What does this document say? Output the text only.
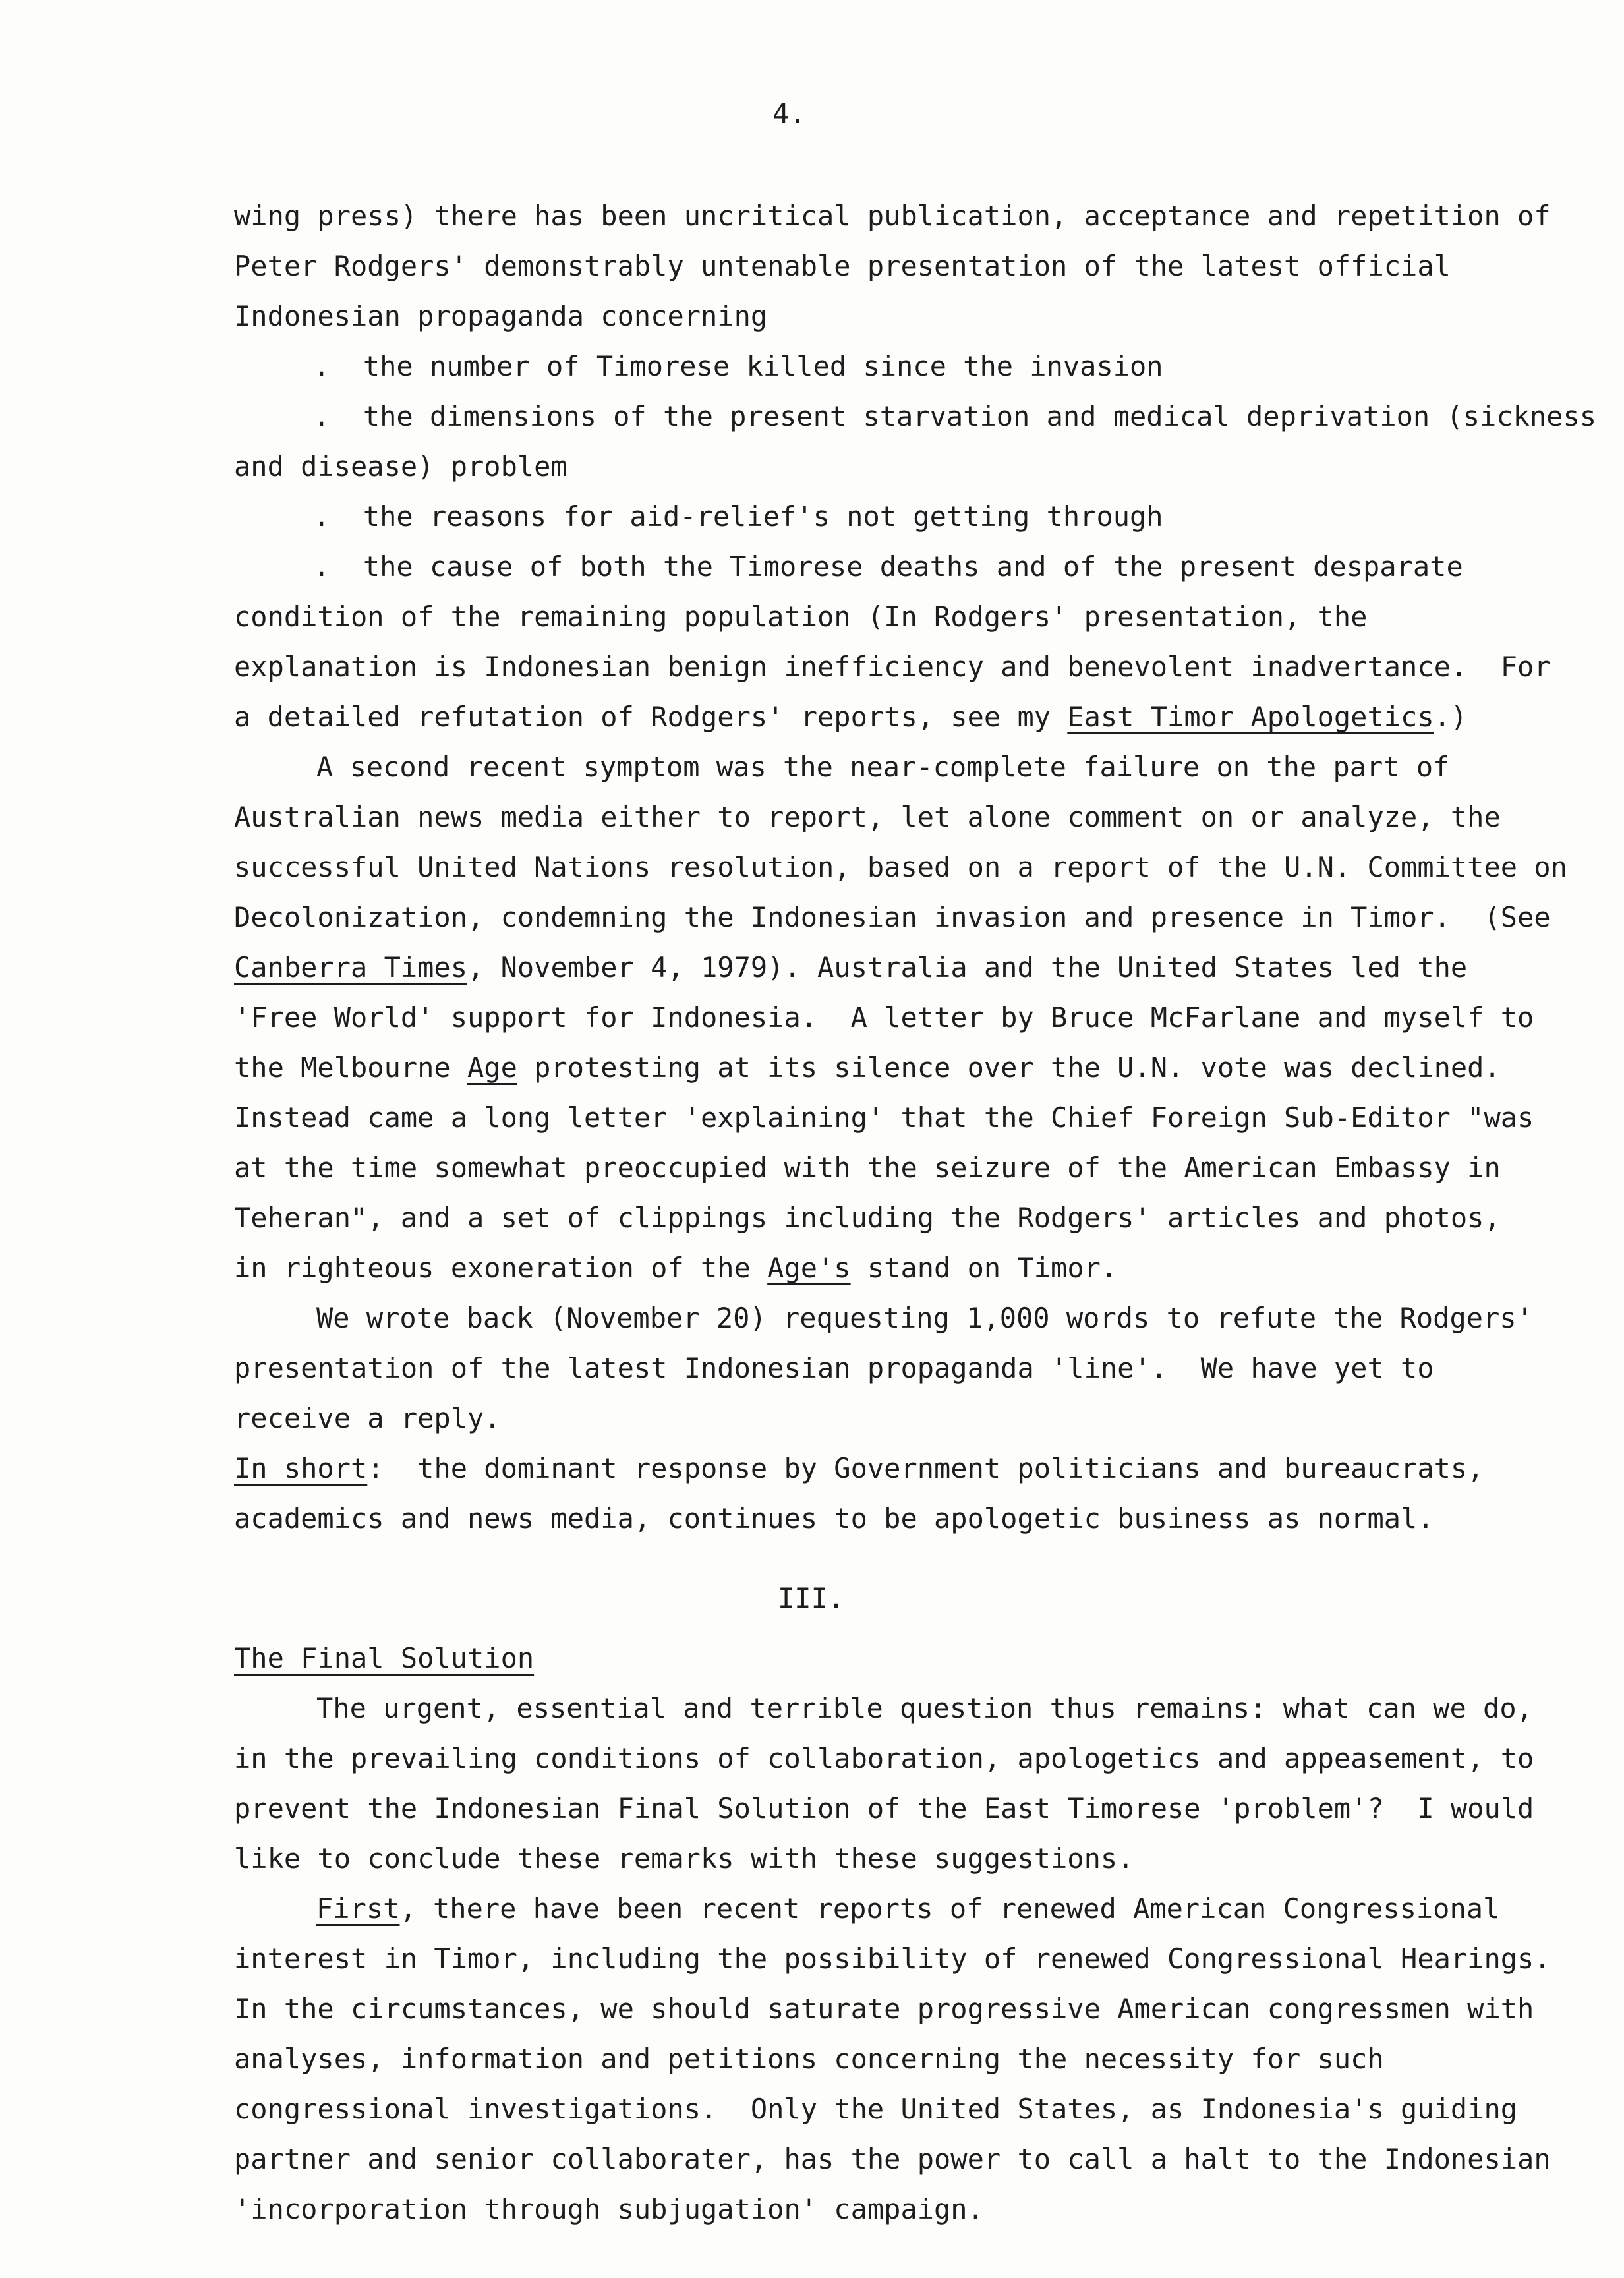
4.
wing press) there has been uncritical publication, acceptance and repetition of
Peter Rodgers' demonstrably untenable presentation of the latest official
Indonesian propaganda concerning
.  the number of Timorese killed since the invasion
.  the dimensions of the present starvation and medical deprivation (sickness
and disease) problem
.  the reasons for aid-relief's not getting through
.  the cause of both the Timorese deaths and of the present desparate
condition of the remaining population (In Rodgers' presentation, the
explanation is Indonesian benign inefficiency and benevolent inadvertance.  For
a detailed refutation of Rodgers' reports, see my East Timor Apologetics.)
A second recent symptom was the near-complete failure on the part of
Australian news media either to report, let alone comment on or analyze, the
successful United Nations resolution, based on a report of the U.N. Committee on
Decolonization, condemning the Indonesian invasion and presence in Timor.  (See
Canberra Times, November 4, 1979). Australia and the United States led the
'Free World' support for Indonesia.  A letter by Bruce McFarlane and myself to
the Melbourne Age protesting at its silence over the U.N. vote was declined.
Instead came a long letter 'explaining' that the Chief Foreign Sub-Editor "was
at the time somewhat preoccupied with the seizure of the American Embassy in
Teheran", and a set of clippings including the Rodgers' articles and photos,
in righteous exoneration of the Age's stand on Timor.
We wrote back (November 20) requesting 1,000 words to refute the Rodgers'
presentation of the latest Indonesian propaganda 'line'.  We have yet to
receive a reply.
In short:  the dominant response by Government politicians and bureaucrats,
academics and news media, continues to be apologetic business as normal.
III.
The Final Solution
The urgent, essential and terrible question thus remains: what can we do,
in the prevailing conditions of collaboration, apologetics and appeasement, to
prevent the Indonesian Final Solution of the East Timorese 'problem'?  I would
like to conclude these remarks with these suggestions.
First, there have been recent reports of renewed American Congressional
interest in Timor, including the possibility of renewed Congressional Hearings.
In the circumstances, we should saturate progressive American congressmen with
analyses, information and petitions concerning the necessity for such
congressional investigations.  Only the United States, as Indonesia's guiding
partner and senior collaborater, has the power to call a halt to the Indonesian
'incorporation through subjugation' campaign.
